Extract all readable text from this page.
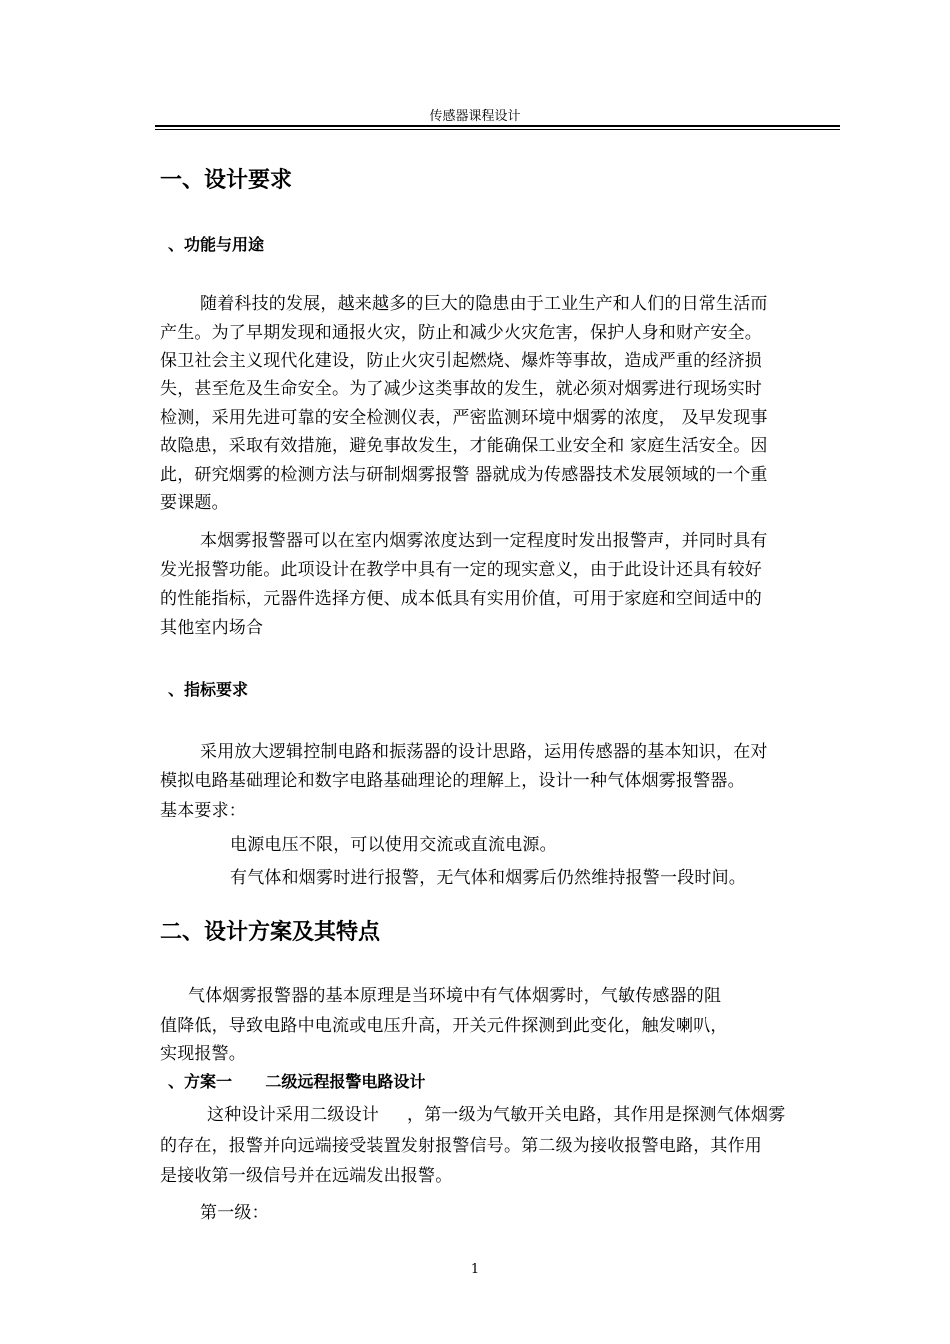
传感器课程设计
一、设计要求
、功能与用途
随着科技的发展，越来越多的巨大的隐患由于工业生产和人们的日常生活而
产生。为了早期发现和通报火灾，防止和减少火灾危害，保护人身和财产安全。
保卫社会主义现代化建设，防止火灾引起燃烧、爆炸等事故，造成严重的经济损
失，甚至危及生命安全。为了减少这类事故的发生，就必须对烟雾进行现场实时
检测，采用先进可靠的安全检测仪表，严密监测环境中烟雾的浓度， 及早发现事
故隐患，采取有效措施，避免事故发生，才能确保工业安全和 家庭生活安全。因
此，研究烟雾的检测方法与研制烟雾报警 器就成为传感器技术发展领域的一个重
要课题。
本烟雾报警器可以在室内烟雾浓度达到一定程度时发出报警声，并同时具有
发光报警功能。此项设计在教学中具有一定的现实意义，由于此设计还具有较好
的性能指标，元器件选择方便、成本低具有实用价值，可用于家庭和空间适中的
其他室内场合
、指标要求
采用放大逻辑控制电路和振荡器的设计思路，运用传感器的基本知识，在对
模拟电路基础理论和数字电路基础理论的理解上，设计一种气体烟雾报警器。
基本要求：
电源电压不限，可以使用交流或直流电源。
有气体和烟雾时进行报警，无气体和烟雾后仍然维持报警一段时间。
二、设计方案及其特点
气体烟雾报警器的基本原理是当环境中有气体烟雾时，气敏传感器的阻
值降低，导致电路中电流或电压升高，开关元件探测到此变化，触发喇叭，
实现报警。
、方案一      二级远程报警电路设计
这种设计采用二级设计     ，第一级为气敏开关电路，其作用是探测气体烟雾
的存在，报警并向远端接受装置发射报警信号。第二级为接收报警电路，其作用
是接收第一级信号并在远端发出报警。
第一级：
1
